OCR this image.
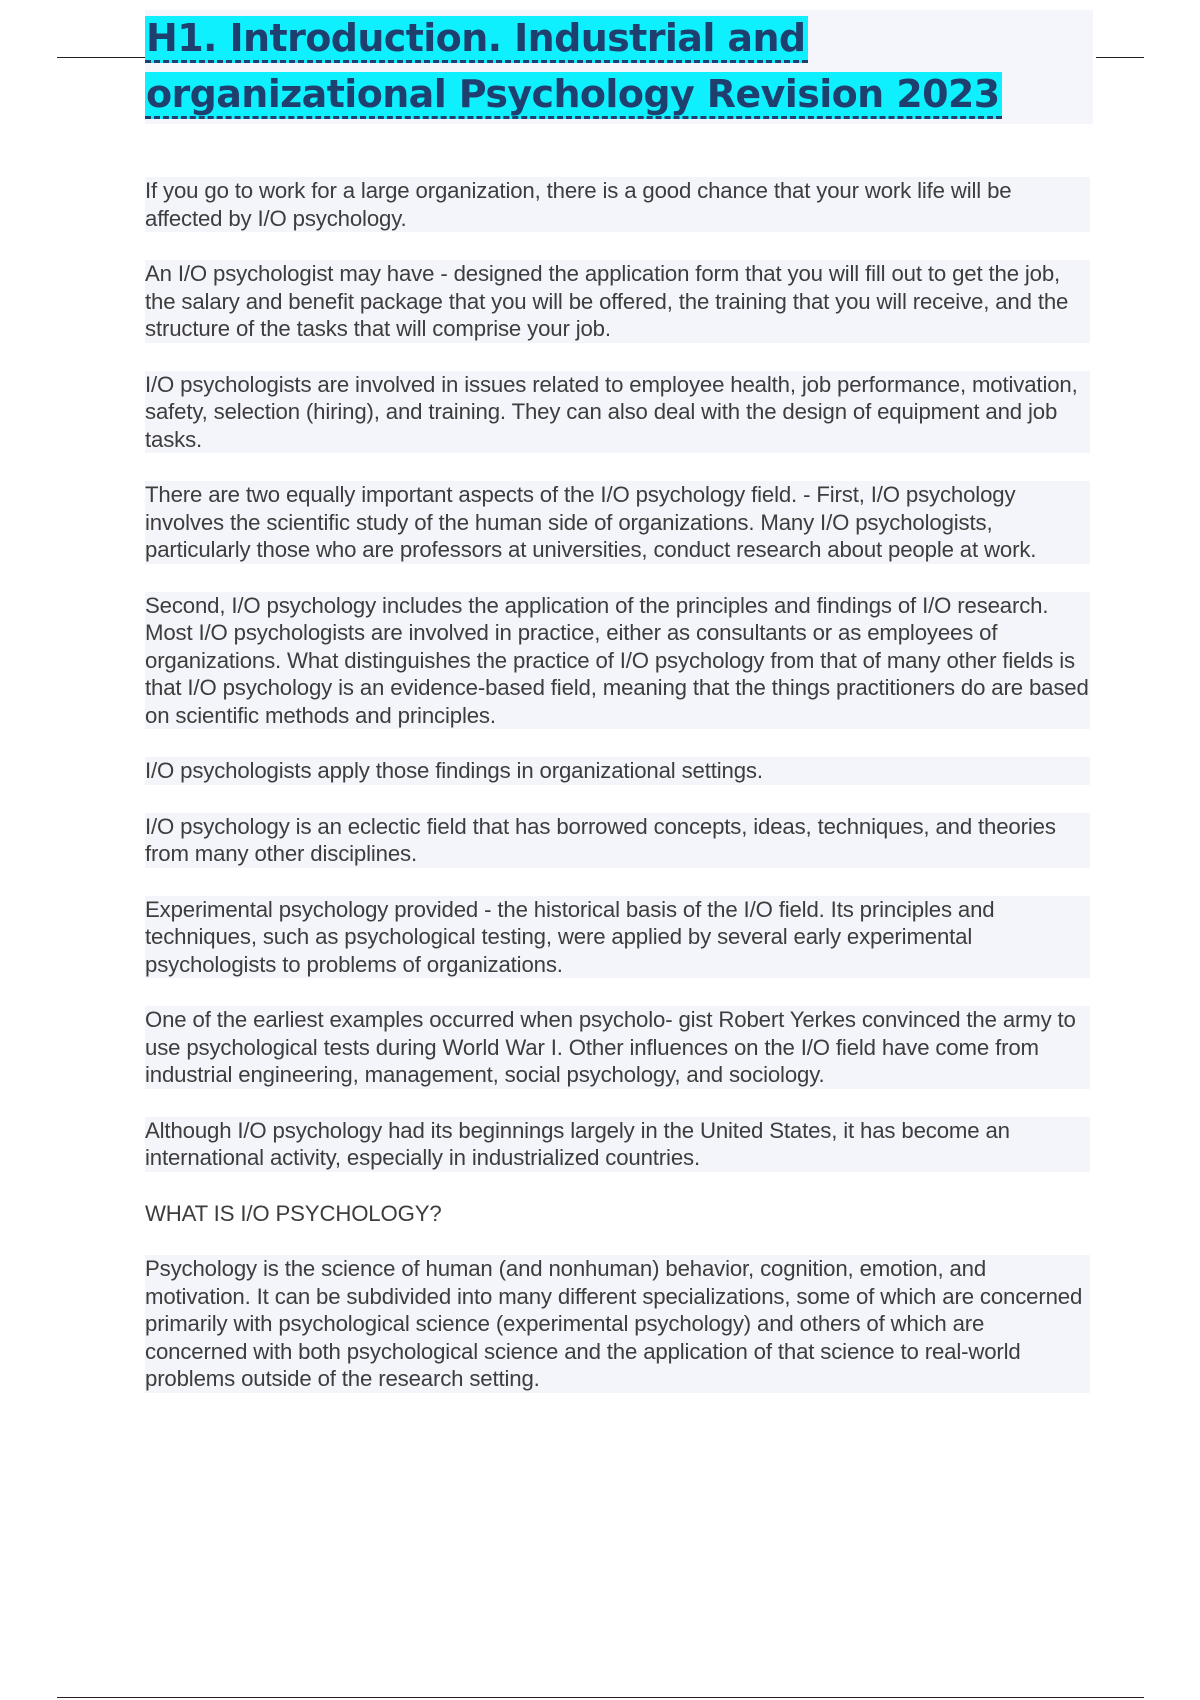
H1. Introduction. Industrial and organizational Psychology Revision 2023

If you go to work for a large organization, there is a good chance that your work life will be affected by I/O psychology.

An I/O psychologist may have - designed the application form that you will fill out to get the job, the salary and benefit package that you will be offered, the training that you will receive, and the structure of the tasks that will comprise your job.

I/O psychologists are involved in issues related to employee health, job performance, motivation, safety, selection (hiring), and training. They can also deal with the design of equipment and job tasks.

There are two equally important aspects of the I/O psychology field. - First, I/O psychology involves the scientific study of the human side of organizations. Many I/O psychologists, particularly those who are professors at universities, conduct research about people at work.

Second, I/O psychology includes the application of the principles and findings of I/O research. Most I/O psychologists are involved in practice, either as consultants or as employees of organizations. What distinguishes the practice of I/O psychology from that of many other fields is that I/O psychology is an evidence-based field, meaning that the things practitioners do are based on scientific methods and principles.

I/O psychologists apply those findings in organizational settings.

I/O psychology is an eclectic field that has borrowed concepts, ideas, techniques, and theories from many other disciplines.

Experimental psychology provided - the historical basis of the I/O field. Its principles and techniques, such as psychological testing, were applied by several early experimental psychologists to problems of organizations.

One of the earliest examples occurred when psycholo- gist Robert Yerkes convinced the army to use psychological tests during World War I. Other influences on the I/O field have come from industrial engineering, management, social psychology, and sociology.

Although I/O psychology had its beginnings largely in the United States, it has become an international activity, especially in industrialized countries.

WHAT IS I/O PSYCHOLOGY?

Psychology is the science of human (and nonhuman) behavior, cognition, emotion, and motivation. It can be subdivided into many different specializations, some of which are concerned primarily with psychological science (experimental psychology) and others of which are concerned with both psychological science and the application of that science to real-world problems outside of the research setting.
